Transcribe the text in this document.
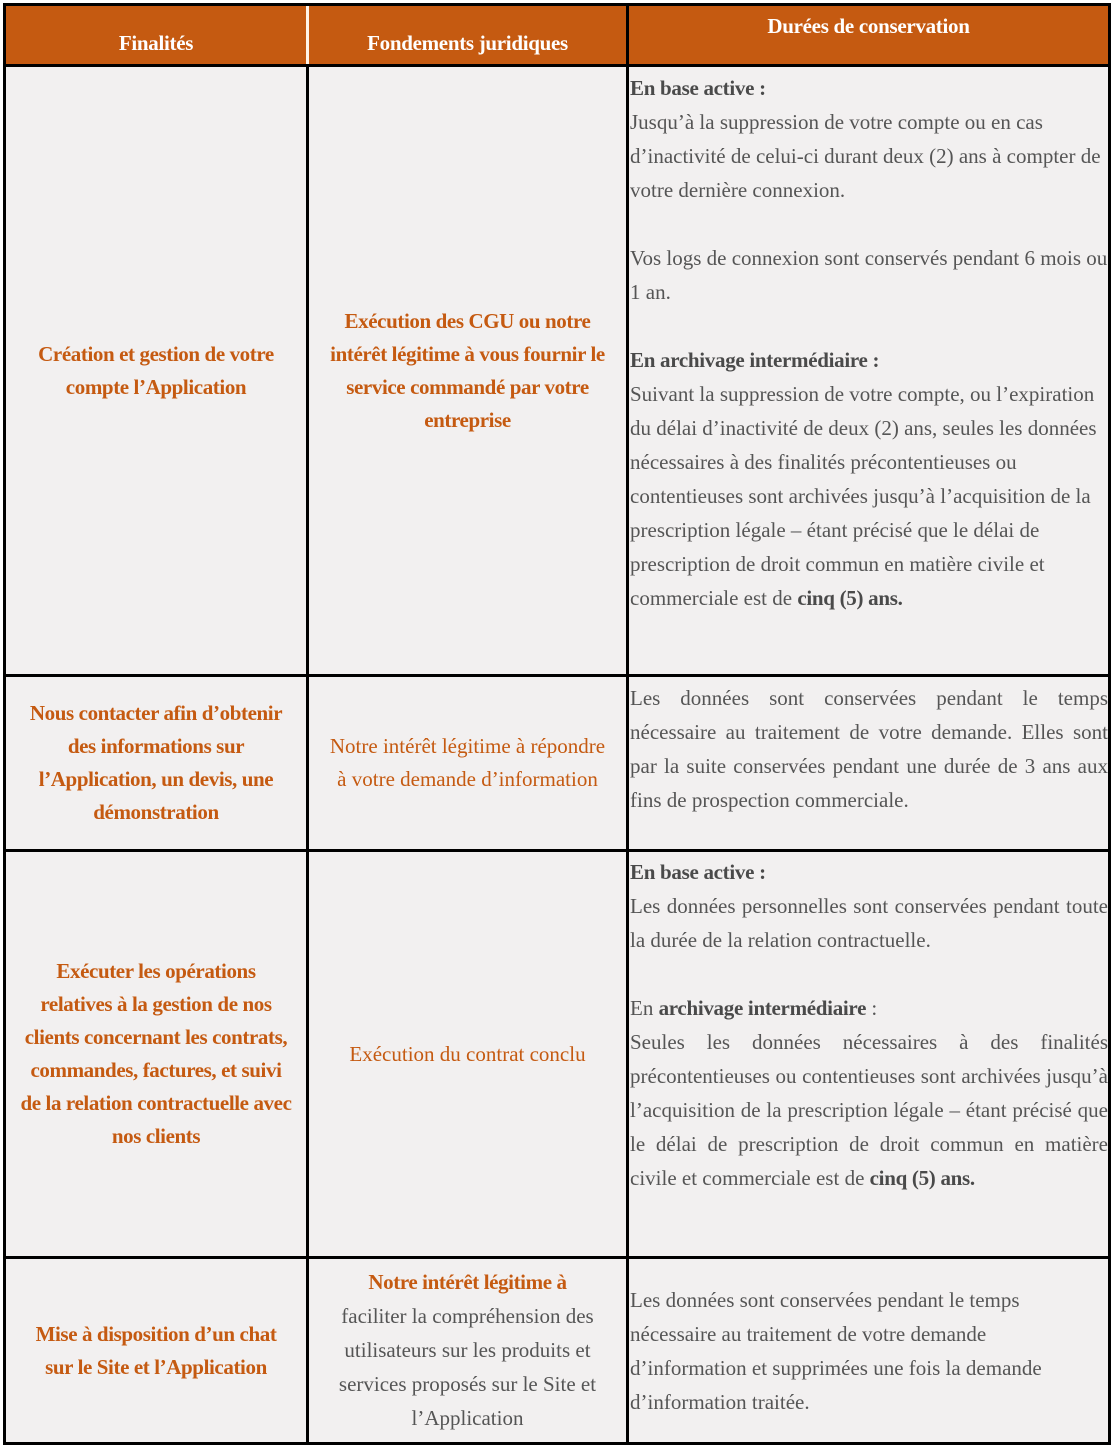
Finalités	Fondements juridiques
Durées de conservation
Création et gestion de votre compte l’Application
Exécution des CGU ou notre intérêt légitime à vous fournir le service commandé par votre entreprise

En base active :

Jusqu’à la suppression de votre compte ou en cas d’inactivité de celui-ci durant deux (2) ans à compter de votre dernière connexion.

Vos logs de connexion sont conservés pendant 6 mois ou 1 an.

En archivage intermédiaire :

Suivant la suppression de votre compte, ou l’expiration du délai d’inactivité de deux (2) ans, seules les données nécessaires à des finalités précontentieuses ou contentieuses sont archivées jusqu’à l’acquisition de la prescription légale – étant précisé que le délai de prescription de droit commun en matière civile et commerciale est de cinq (5) ans.

Nous contacter afin d’obtenir des informations sur l’Application, un devis, une démonstration
Notre intérêt légitime à répondre à votre demande d’information

Les données sont conservées pendant le temps nécessaire au traitement de votre demande. Elles sont par la suite conservées pendant une durée de 3 ans aux fins de prospection commerciale.

Exécuter les opérations relatives à la gestion de nos clients concernant les contrats, commandes, factures, et suivi de la relation contractuelle avec nos clients
Exécution du contrat conclu

En base active :

Les données personnelles sont conservées pendant toute la durée de la relation contractuelle.

En archivage intermédiaire :

Seules les données nécessaires à des finalités précontentieuses ou contentieuses sont archivées jusqu’à l’acquisition de la prescription légale – étant précisé que le délai de prescription de droit commun en matière civile et commerciale est de cinq (5) ans.

Mise à disposition d’un chat sur le Site et l’Application
Notre intérêt légitime à
faciliter la compréhension des utilisateurs sur les produits et services proposés sur le Site et l’Application

Les données sont conservées pendant le temps nécessaire au traitement de votre demande d’information et supprimées une fois la demande d’information traitée.
